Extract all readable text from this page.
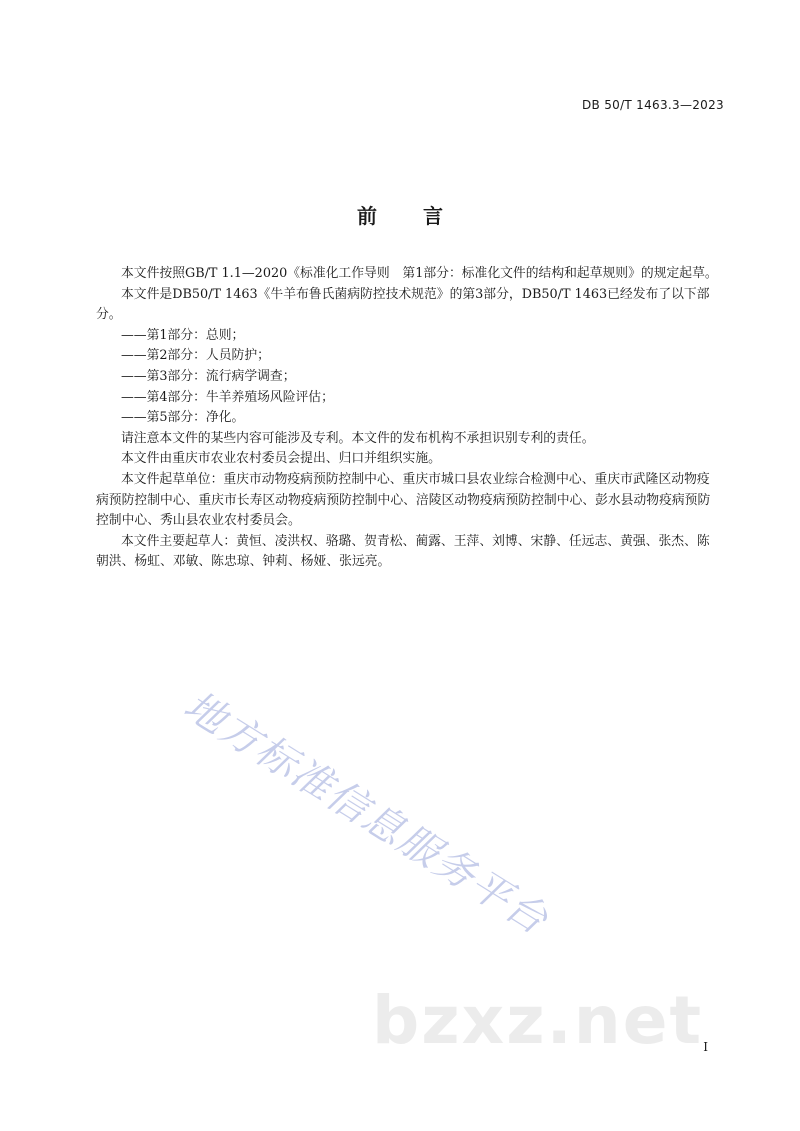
DB 50/T 1463.3—2023
前 言

本文件按照GB/T 1.1—2020《标准化工作导则　第1部分：标准化文件的结构和起草规则》的规定起草。

本文件是DB50/T 1463《牛羊布鲁氏菌病防控技术规范》的第3部分，DB50/T 1463已经发布了以下部分。

——第1部分：总则；

——第2部分：人员防护；

——第3部分：流行病学调查；

——第4部分：牛羊养殖场风险评估；

——第5部分：净化。

请注意本文件的某些内容可能涉及专利。本文件的发布机构不承担识别专利的责任。

本文件由重庆市农业农村委员会提出、归口并组织实施。

本文件起草单位：重庆市动物疫病预防控制中心、重庆市城口县农业综合检测中心、重庆市武隆区动物疫病预防控制中心、重庆市长寿区动物疫病预防控制中心、涪陵区动物疫病预防控制中心、彭水县动物疫病预防控制中心、秀山县农业农村委员会。

本文件主要起草人：黄恒、凌洪权、骆璐、贺青松、蔺露、王萍、刘博、宋静、任远志、黄强、张杰、陈朝洪、杨虹、邓敏、陈忠琼、钟莉、杨娅、张远亮。

地方标准信息服务平台
bzxz.net I
